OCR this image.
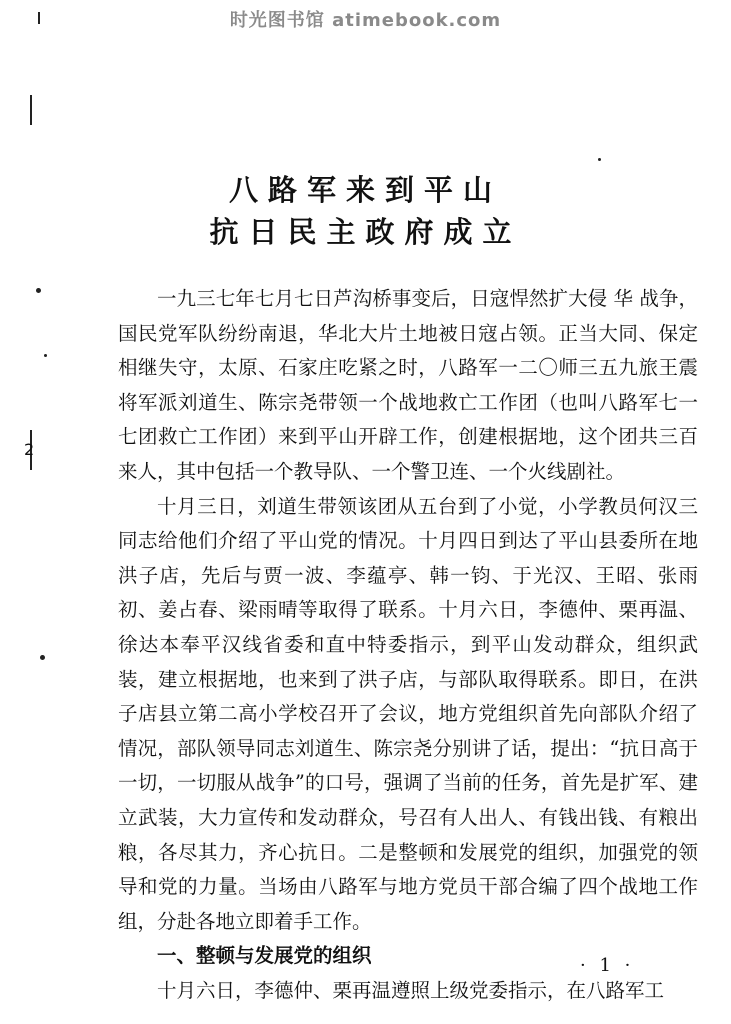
时光图书馆 atimebook.com
2
八路军来到平山
抗日民主政府成立

一九三七年七月七日芦沟桥事变后，日寇悍然扩大侵 华 战争，国民党军队纷纷南退，华北大片土地被日寇占领。正当大同、保定相继失守，太原、石家庄吃紧之时，八路军一二〇师三五九旅王震将军派刘道生、陈宗尧带领一个战地救亡工作团（也叫八路军七一七团救亡工作团）来到平山开辟工作，创建根据地，这个团共三百来人，其中包括一个教导队、一个警卫连、一个火线剧社。

十月三日，刘道生带领该团从五台到了小觉，小学教员何汉三同志给他们介绍了平山党的情况。十月四日到达了平山县委所在地洪子店，先后与贾一波、李蕴亭、韩一钧、于光汉、王昭、张雨初、姜占春、梁雨晴等取得了联系。十月六日，李德仲、栗再温、徐达本奉平汉线省委和直中特委指示，到平山发动群众，组织武装，建立根据地，也来到了洪子店，与部队取得联系。即日，在洪子店县立第二高小学校召开了会议，地方党组织首先向部队介绍了情况，部队领导同志刘道生、陈宗尧分别讲了话，提出：“抗日高于一切，一切服从战争”的口号，强调了当前的任务，首先是扩军、建立武装，大力宣传和发动群众，号召有人出人、有钱出钱、有粮出粮，各尽其力，齐心抗日。二是整顿和发展党的组织，加强党的领导和党的力量。当场由八路军与地方党员干部合编了四个战地工作组，分赴各地立即着手工作。

一、整顿与发展党的组织

十月六日，李德仲、栗再温遵照上级党委指示，在八路军工

· 1 ·
